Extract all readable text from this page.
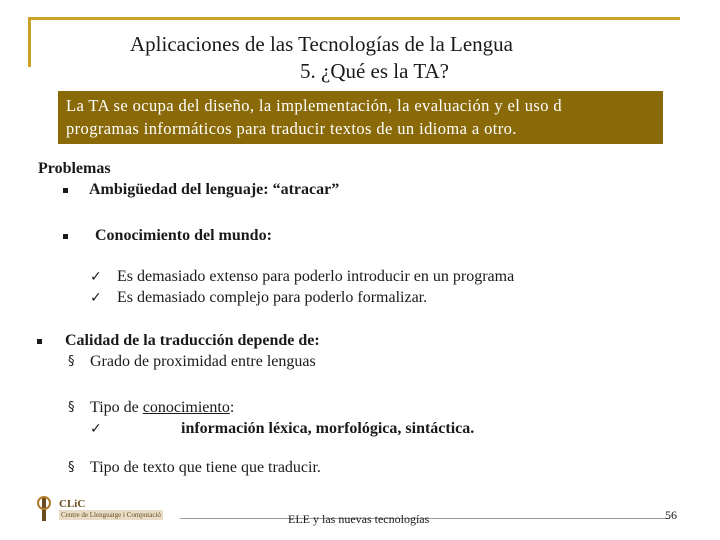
Aplicaciones de las Tecnologías de la Lengua
5. ¿Qué es la TA?
La TA se ocupa del diseño, la implementación, la evaluación y el uso d
programas informáticos para traducir textos de un idioma a otro.
Problemas
Ambigüedad del lenguaje: “atracar”
Conocimiento del mundo:
✓ Es demasiado extenso para poderlo introducir en un programa
✓ Es demasiado complejo para poderlo formalizar.
Calidad de la traducción depende de:
§ Grado de proximidad entre lenguas
§ Tipo de conocimiento:
✓	información léxica, morfológica, sintáctica.
§ Tipo de texto que tiene que traducir.
CLiC
Centre de Llenguatge i Computació	ELE y las nuevas tecnologías	56
